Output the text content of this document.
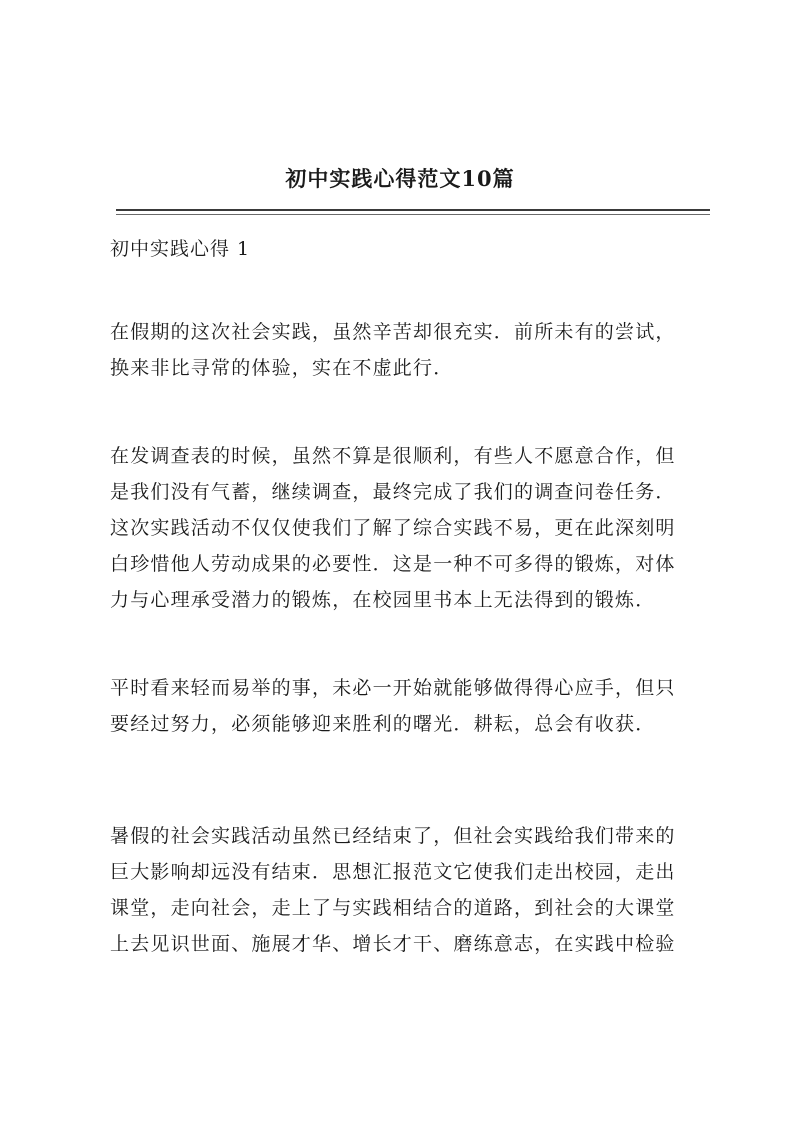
初中实践心得范文10篇
初中实践心得 1

在假期的这次社会实践，虽然辛苦却很充实．前所未有的尝试，
换来非比寻常的体验，实在不虚此行．

在发调查表的时候，虽然不算是很顺利，有些人不愿意合作，但
是我们没有气蓄，继续调查，最终完成了我们的调查问卷任务．
这次实践活动不仅仅使我们了解了综合实践不易，更在此深刻明
白珍惜他人劳动成果的必要性．这是一种不可多得的锻炼，对体
力与心理承受潜力的锻炼，在校园里书本上无法得到的锻炼．

平时看来轻而易举的事，未必一开始就能够做得得心应手，但只
要经过努力，必须能够迎来胜利的曙光．耕耘，总会有收获．

暑假的社会实践活动虽然已经结束了，但社会实践给我们带来的
巨大影响却远没有结束．思想汇报范文它使我们走出校园，走出
课堂，走向社会，走上了与实践相结合的道路，到社会的大课堂
上去见识世面、施展才华、增长才干、磨练意志，在实践中检验
